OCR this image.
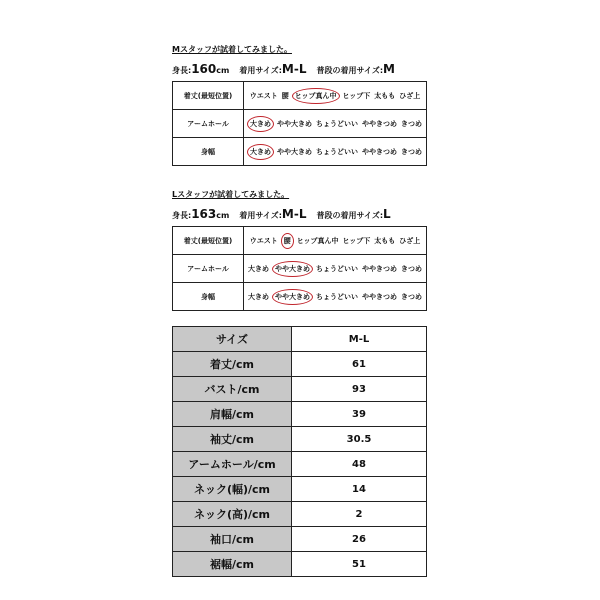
Mスタッフが試着してみました。
身長: 160 cm 着用サイズ: M-L 普段の着用サイズ: M
着丈(最短位置)	ウエスト 腰 ヒップ真ん中 ヒップ下 太もも ひざ上
アームホール	大きめ やや大きめ ちょうどいい ややきつめ きつめ
身幅	大きめ やや大きめ ちょうどいい ややきつめ きつめ
Lスタッフが試着してみました。
身長: 163 cm 着用サイズ: M-L 普段の着用サイズ: L
着丈(最短位置)	ウエスト 腰 ヒップ真ん中 ヒップ下 太もも ひざ上
アームホール	大きめ やや大きめ ちょうどいい ややきつめ きつめ
身幅	大きめ やや大きめ ちょうどいい ややきつめ きつめ
サイズ	M-L
着丈/cm	61
バスト/cm	93
肩幅/cm	39
袖丈/cm	30.5
アームホール/cm	48
ネック(幅)/cm	14
ネック(高)/cm	2
袖口/cm	26
裾幅/cm	51
